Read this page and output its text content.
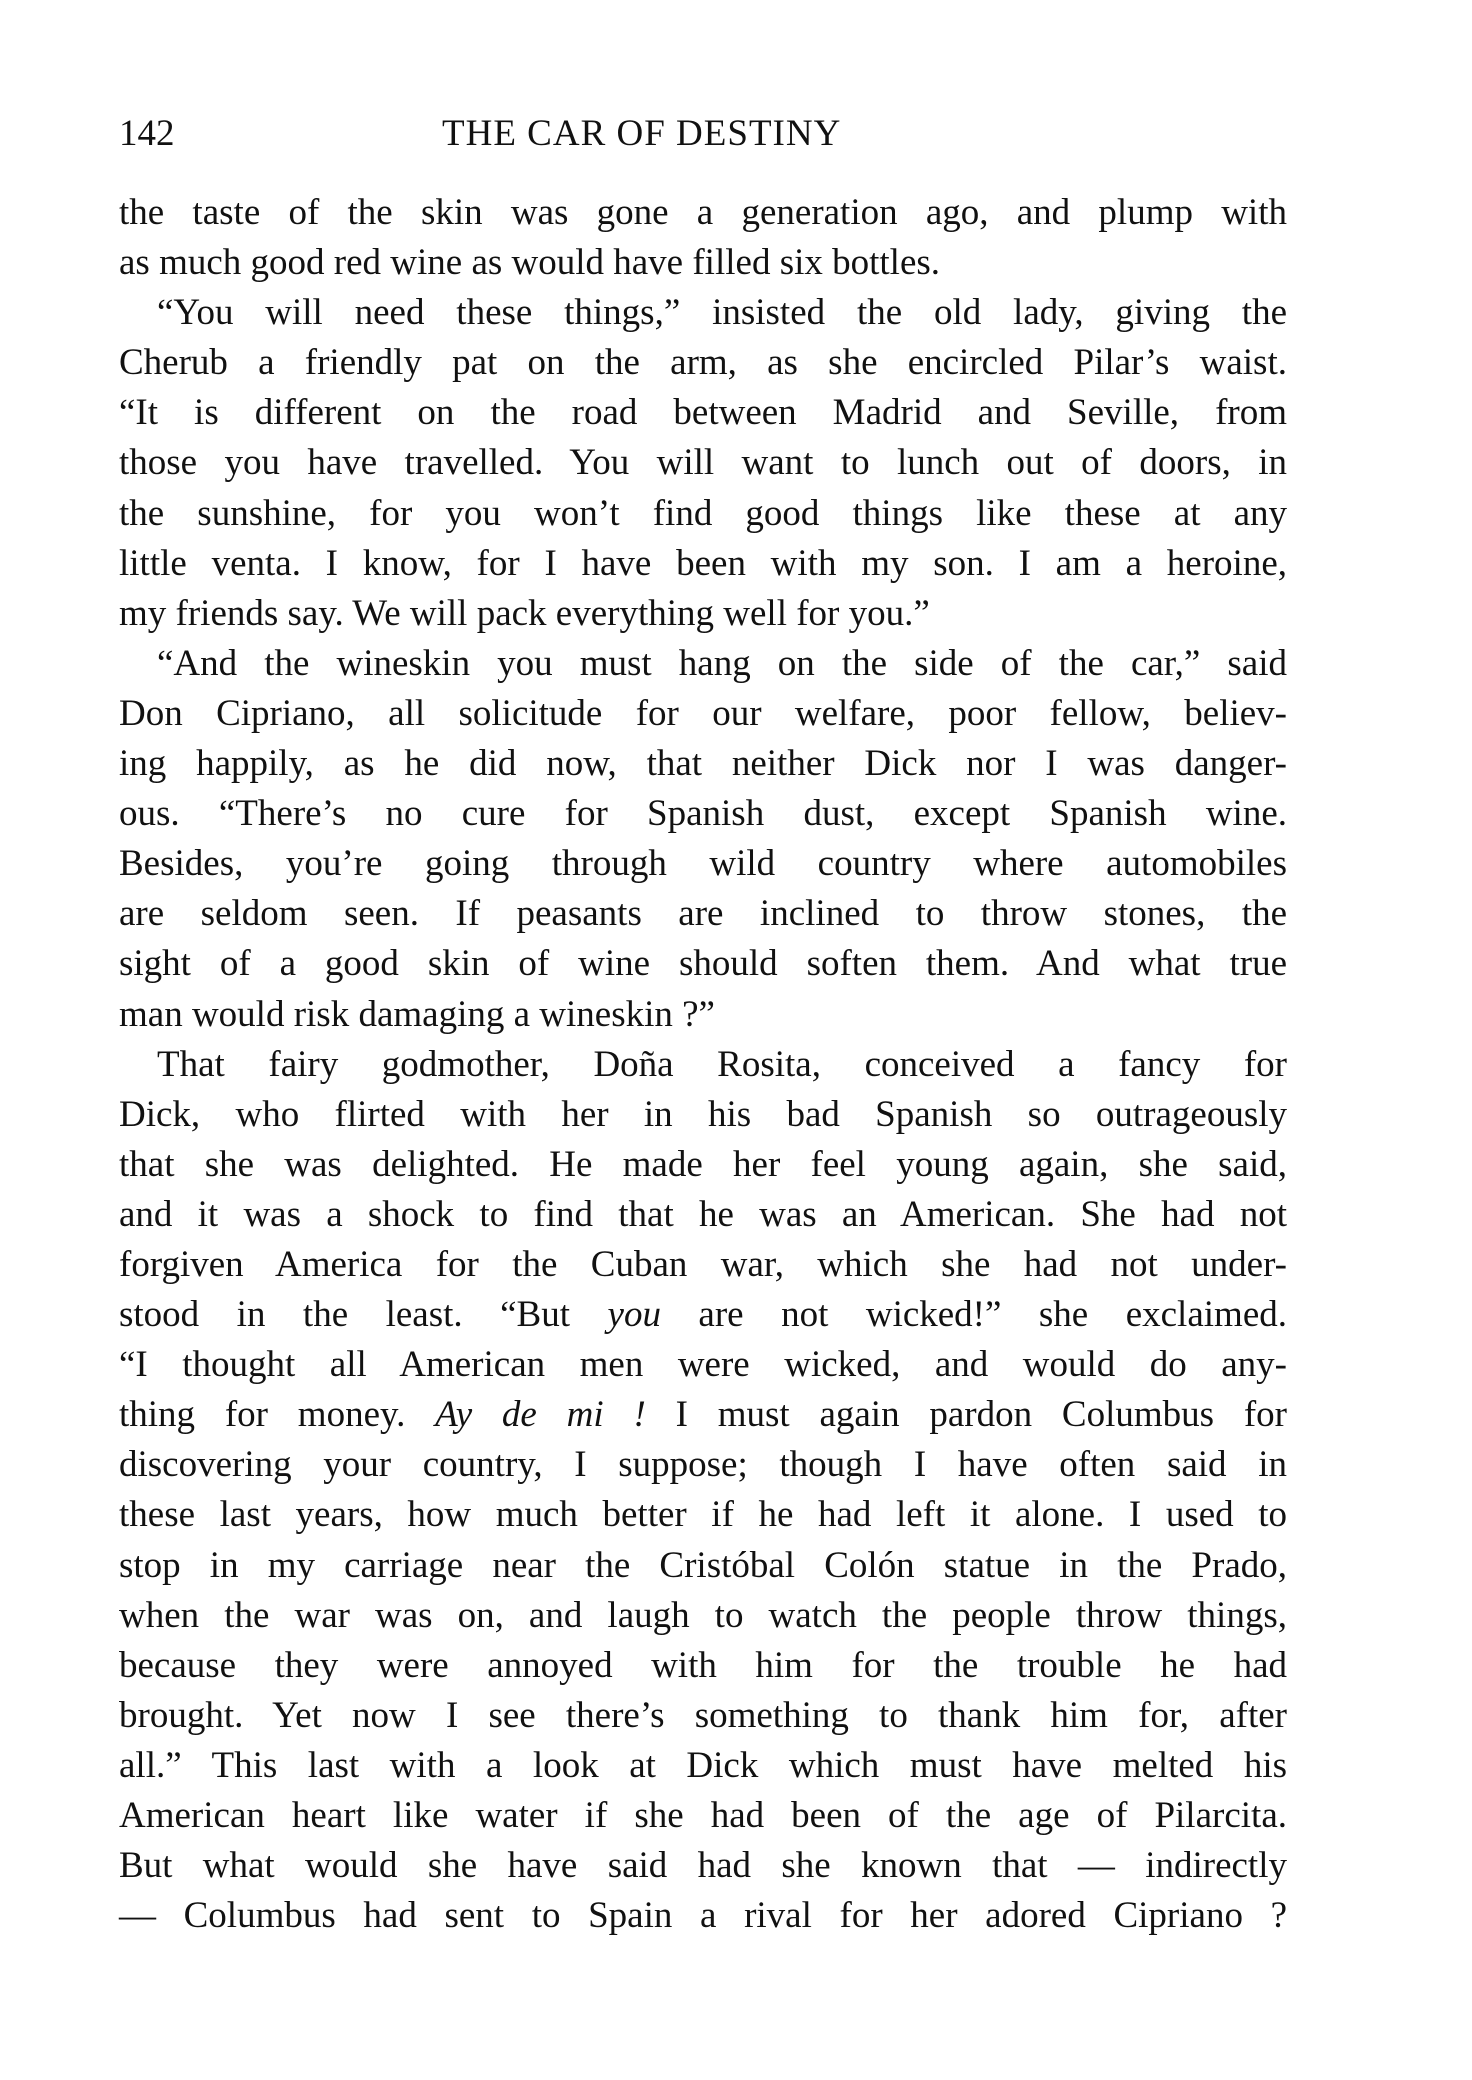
142	THE CAR OF DESTINY
the taste of the skin was gone a generation ago, and plump with
as much good red wine as would have filled six bottles.
“You will need these things,” insisted the old lady, giving the
Cherub a friendly pat on the arm, as she encircled Pilar’s waist.
“It is different on the road between Madrid and Seville, from
those you have travelled. You will want to lunch out of doors, in
the sunshine, for you won’t find good things like these at any
little venta. I know, for I have been with my son. I am a heroine,
my friends say. We will pack everything well for you.”
“And the wineskin you must hang on the side of the car,” said
Don Cipriano, all solicitude for our welfare, poor fellow, believ-
ing happily, as he did now, that neither Dick nor I was danger-
ous. “There’s no cure for Spanish dust, except Spanish wine.
Besides, you’re going through wild country where automobiles
are seldom seen. If peasants are inclined to throw stones, the
sight of a good skin of wine should soften them. And what true
man would risk damaging a wineskin ?”
That fairy godmother, Doña Rosita, conceived a fancy for
Dick, who flirted with her in his bad Spanish so outrageously
that she was delighted. He made her feel young again, she said,
and it was a shock to find that he was an American. She had not
forgiven America for the Cuban war, which she had not under-
stood in the least. “But you are not wicked!” she exclaimed.
“I thought all American men were wicked, and would do any-
thing for money. Ay de mi ! I must again pardon Columbus for
discovering your country, I suppose; though I have often said in
these last years, how much better if he had left it alone. I used to
stop in my carriage near the Cristóbal Colón statue in the Prado,
when the war was on, and laugh to watch the people throw things,
because they were annoyed with him for the trouble he had
brought. Yet now I see there’s something to thank him for, after
all.” This last with a look at Dick which must have melted his
American heart like water if she had been of the age of Pilarcita.
But what would she have said had she known that — indirectly
— Columbus had sent to Spain a rival for her adored Cipriano ?
